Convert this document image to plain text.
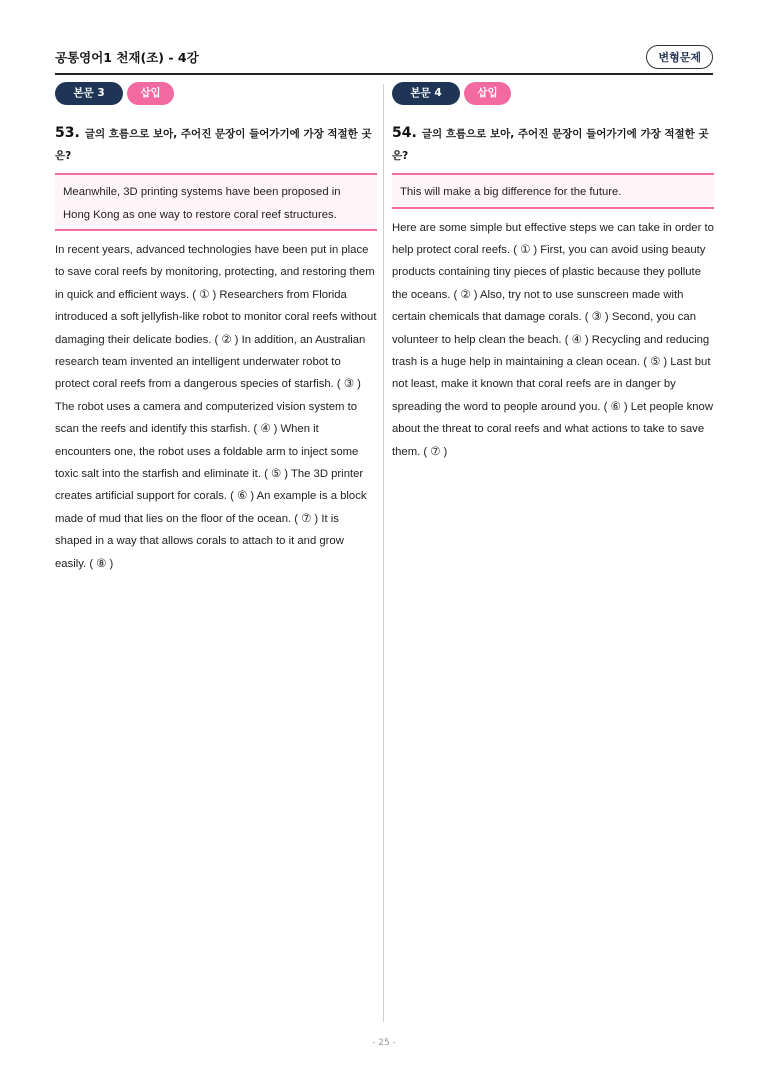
공통영어1 천재(조) - 4강	변형문제
본문 3	삽입
53. 글의 흐름으로 보아, 주어진 문장이 들어가기에 가장 적절한 곳은?
Meanwhile, 3D printing systems have been proposed in Hong Kong as one way to restore coral reef structures.
In recent years, advanced technologies have been put in place to save coral reefs by monitoring, protecting, and restoring them in quick and efficient ways. ( ① ) Researchers from Florida introduced a soft jellyfish-like robot to monitor coral reefs without damaging their delicate bodies. ( ② ) In addition, an Australian research team invented an intelligent underwater robot to protect coral reefs from a dangerous species of starfish. ( ③ ) The robot uses a camera and computerized vision system to scan the reefs and identify this starfish. ( ④ ) When it encounters one, the robot uses a foldable arm to inject some toxic salt into the starfish and eliminate it. ( ⑤ ) The 3D printer creates artificial support for corals. ( ⑥ ) An example is a block made of mud that lies on the floor of the ocean. ( ⑦ ) It is shaped in a way that allows corals to attach to it and grow easily. ( ⑧ )
본문 4	삽입
54. 글의 흐름으로 보아, 주어진 문장이 들어가기에 가장 적절한 곳은?
This will make a big difference for the future.
Here are some simple but effective steps we can take in order to help protect coral reefs. ( ① ) First, you can avoid using beauty products containing tiny pieces of plastic because they pollute the oceans. ( ② ) Also, try not to use sunscreen made with certain chemicals that damage corals. ( ③ ) Second, you can volunteer to help clean the beach. ( ④ ) Recycling and reducing trash is a huge help in maintaining a clean ocean. ( ⑤ ) Last but not least, make it known that coral reefs are in danger by spreading the word to people around you. ( ⑥ ) Let people know about the threat to coral reefs and what actions to take to save them. ( ⑦ )
- 25 -
